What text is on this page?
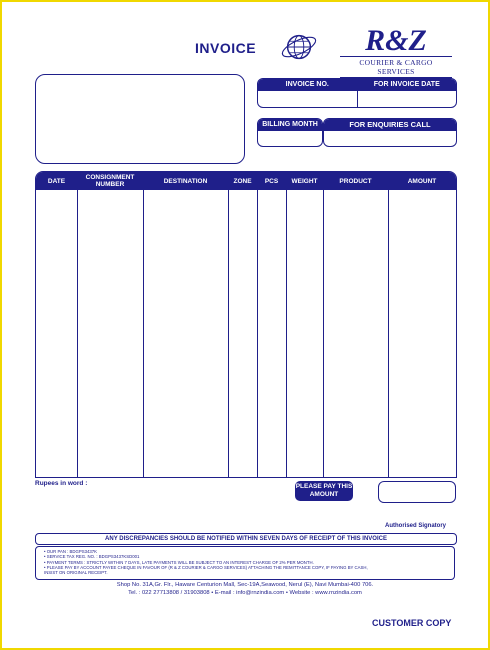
INVOICE	R&Z
COURIER & CARGO SERVICES
INVOICE NO.	FOR INVOICE DATE
BILLING MONTH	FOR ENQUIRIES CALL
DATE	CONSIGNMENT NUMBER	DESTINATION	ZONE	PCS	WEIGHT	PRODUCT	AMOUNT
Rupees in word :	PLEASE PAY THIS AMOUNT
Authorised Signatory
ANY DISCREPANCIES SHOULD BE NOTIFIED WITHIN SEVEN DAYS OF RECEIPT OF THIS INVOICE
• OUR PAN : BDGPS3437K
• SERVICE TAX REG. NO. : BDGPS3437KSD001
• PAYMENT TERMS : STRICTLY WITHIN 7 DAYS, LATE PAYMENTS WILL BE SUBJECT TO AN INTEREST CHARGE OF 2% PER MONTH.
• PLEASE PAY BY ACCOUNT PAYEE CHEQUE IN FAVOUR OF (R & Z COURIER & CARGO SERVICES) ATTACHING THE REMITTANCE COPY, IF PAYING BY CASH,
INSIST ON ORIGINAL RECEIPT.
Shop No. 31A,Gr. Flr., Haware Centurion Mall, Sec-19A,Seawood, Nerul (E), Navi Mumbai-400 706.
Tel. : 022 27713808 / 31903808 • E-mail : info@rnzindia.com • Website : www.rnzindia.com
CUSTOMER COPY
